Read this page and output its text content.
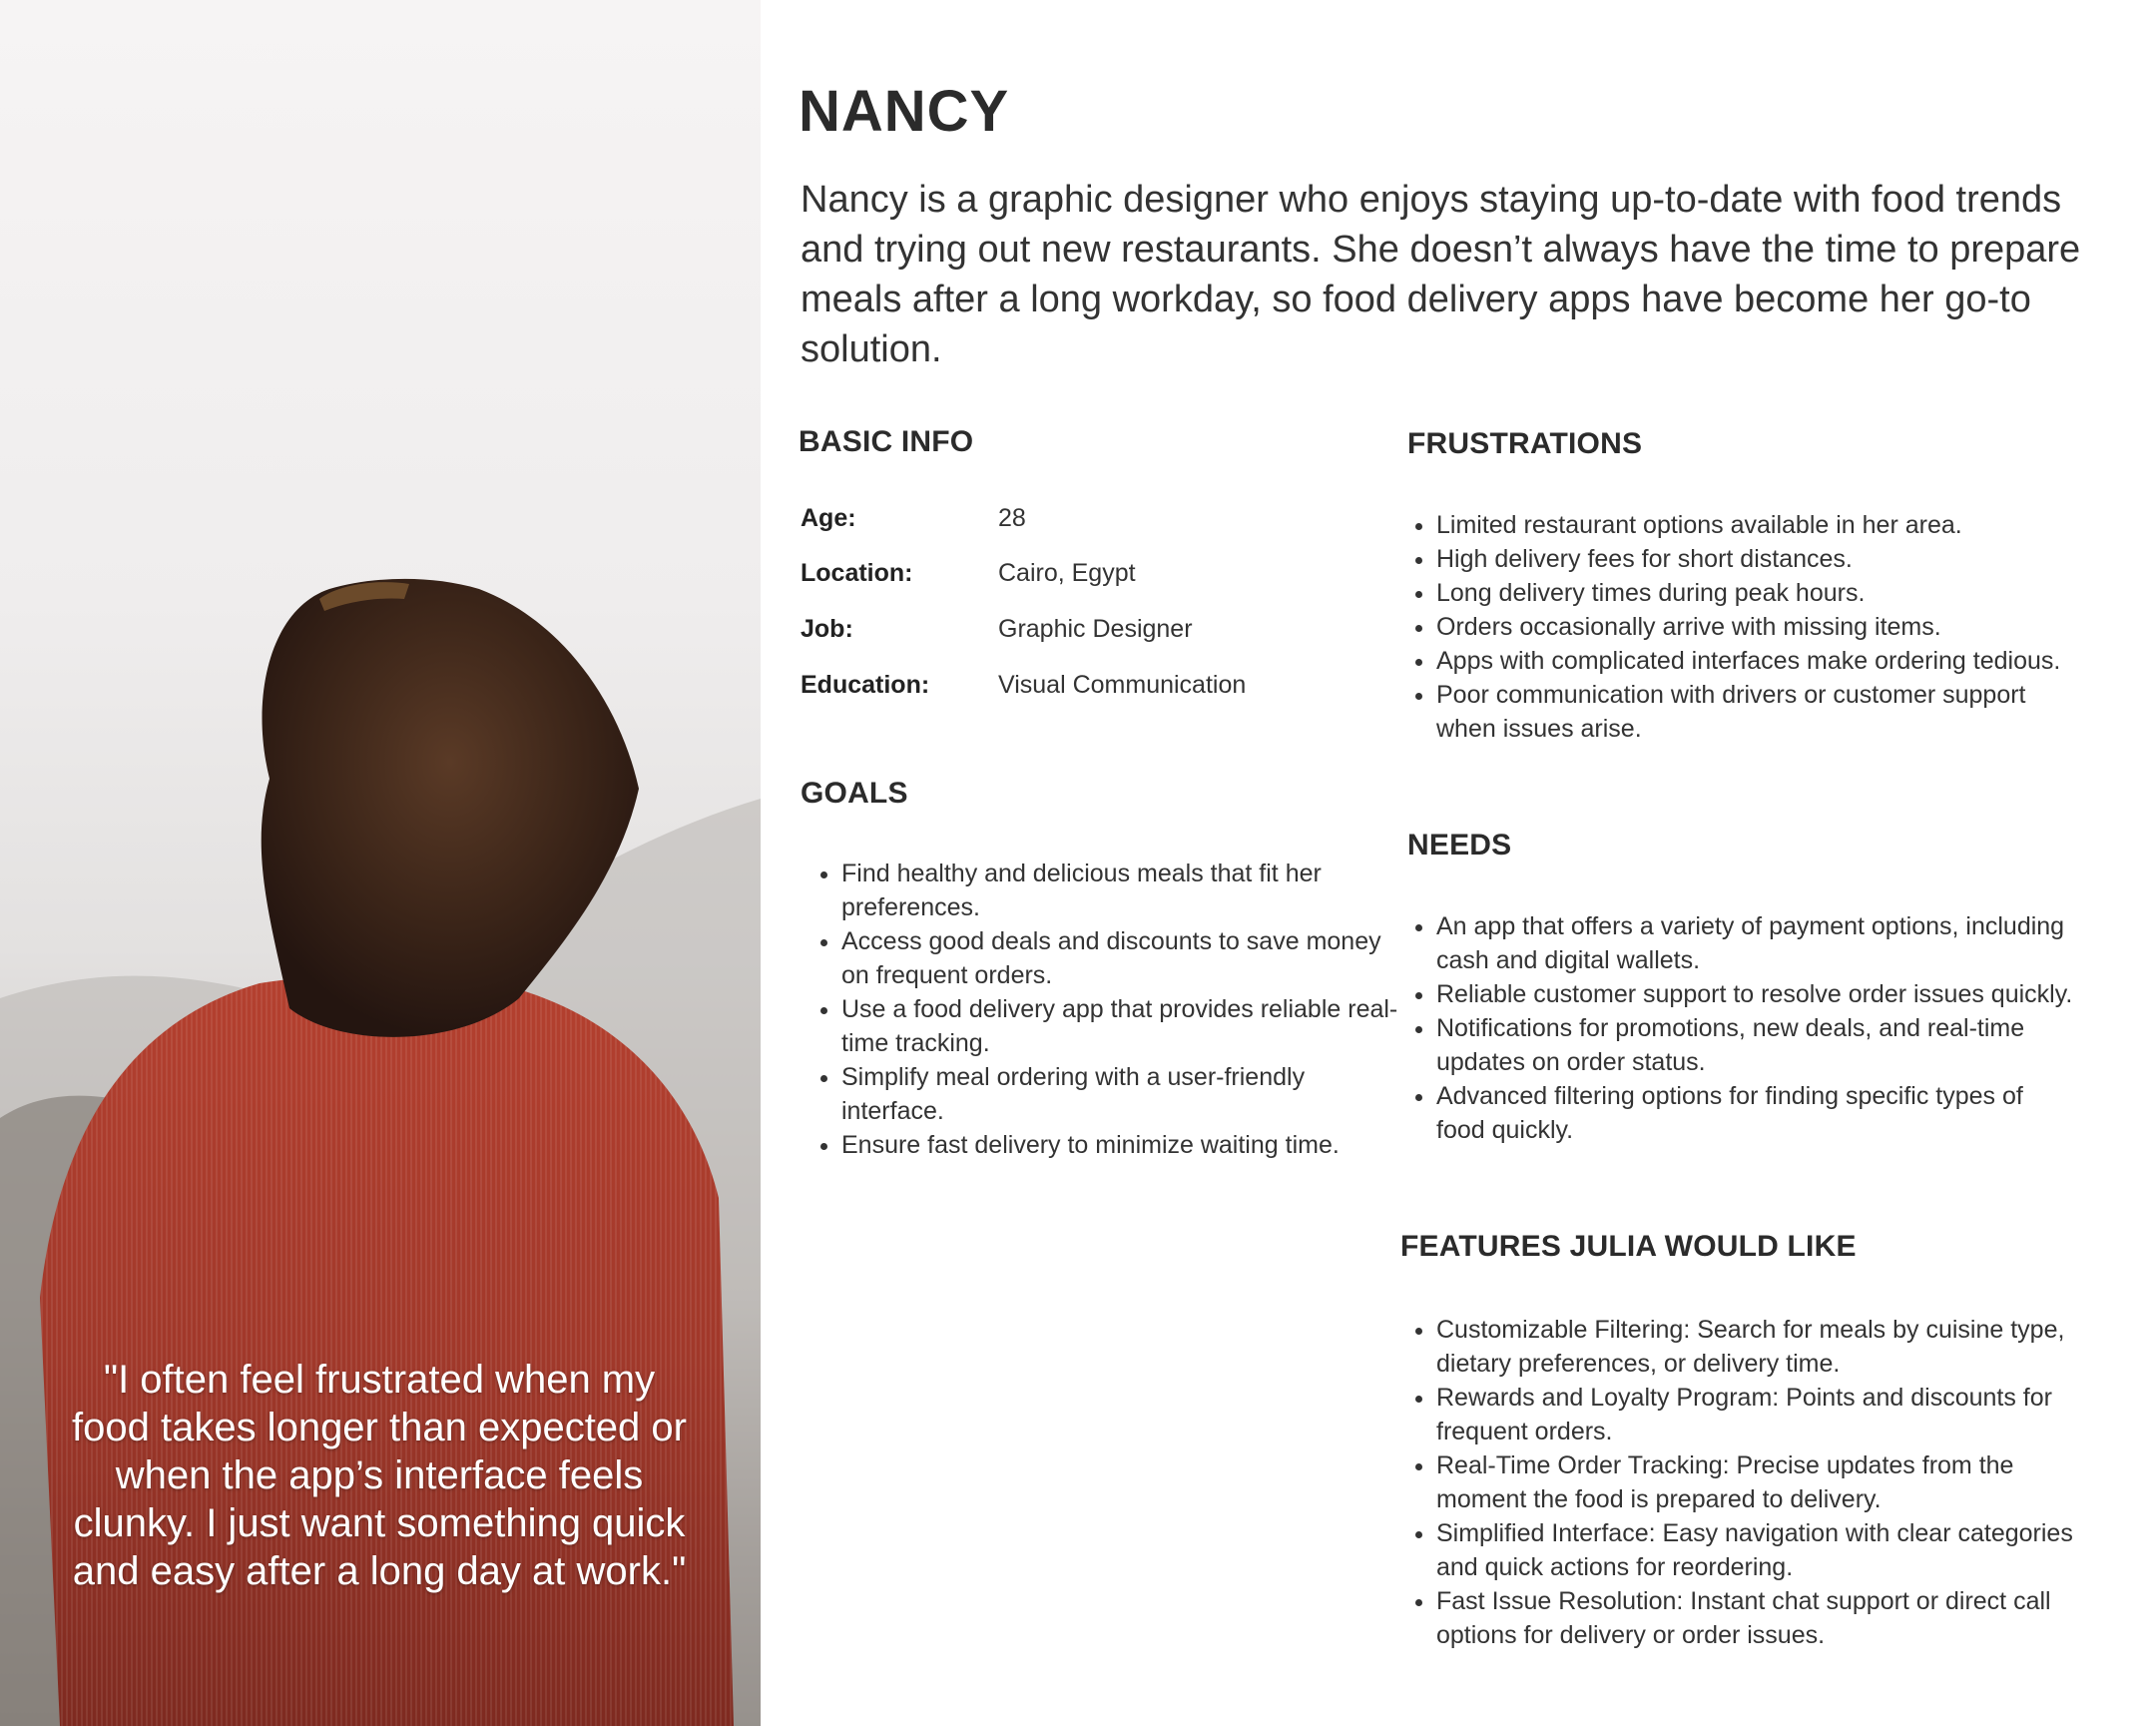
"I often feel frustrated when my food takes longer than expected or when the app’s interface feels clunky. I just want something quick and easy after a long day at work."

NANCY

Nancy is a graphic designer who enjoys staying up-to-date with food trends and trying out new restaurants. She doesn’t always have the time to prepare meals after a long workday, so food delivery apps have become her go-to solution.

BASIC INFO
Age:	28
Location:	Cairo, Egypt
Job:	Graphic Designer
Education:	Visual Communication
GOALS
Find healthy and delicious meals that fit her preferences.
Access good deals and discounts to save money on frequent orders.
Use a food delivery app that provides reliable real-time tracking.
Simplify meal ordering with a user-friendly interface.
Ensure fast delivery to minimize waiting time.
FRUSTRATIONS
Limited restaurant options available in her area.
High delivery fees for short distances.
Long delivery times during peak hours.
Orders occasionally arrive with missing items.
Apps with complicated interfaces make ordering tedious.
Poor communication with drivers or customer support when issues arise.
NEEDS
An app that offers a variety of payment options, including cash and digital wallets.
Reliable customer support to resolve order issues quickly.
Notifications for promotions, new deals, and real-time updates on order status.
Advanced filtering options for finding specific types of food quickly.
FEATURES JULIA WOULD LIKE
Customizable Filtering: Search for meals by cuisine type, dietary preferences, or delivery time.
Rewards and Loyalty Program: Points and discounts for frequent orders.
Real-Time Order Tracking: Precise updates from the moment the food is prepared to delivery.
Simplified Interface: Easy navigation with clear categories and quick actions for reordering.
Fast Issue Resolution: Instant chat support or direct call options for delivery or order issues.
